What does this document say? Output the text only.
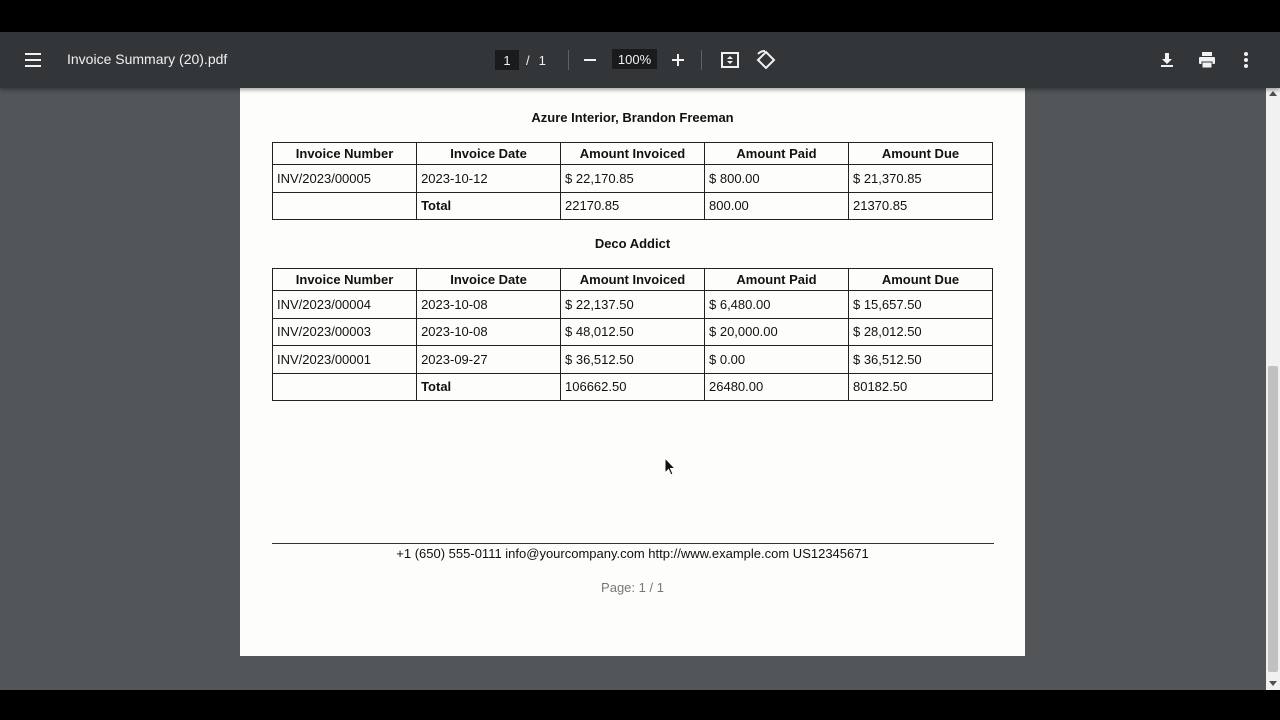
Invoice Summary (20).pdf
1	/ 1
100%
Azure Interior, Brandon Freeman
Invoice Number	Invoice Date	Amount Invoiced	Amount Paid	Amount Due
INV/2023/00005	2023-10-12	$ 22,170.85	$ 800.00	$ 21,370.85
	Total	22170.85	800.00	21370.85
Deco Addict
Invoice Number	Invoice Date	Amount Invoiced	Amount Paid	Amount Due
INV/2023/00004	2023-10-08	$ 22,137.50	$ 6,480.00	$ 15,657.50
INV/2023/00003	2023-10-08	$ 48,012.50	$ 20,000.00	$ 28,012.50
INV/2023/00001	2023-09-27	$ 36,512.50	$ 0.00	$ 36,512.50
	Total	106662.50	26480.00	80182.50
+1 (650) 555-0111 info@yourcompany.com http://www.example.com US12345671
Page: 1 / 1
